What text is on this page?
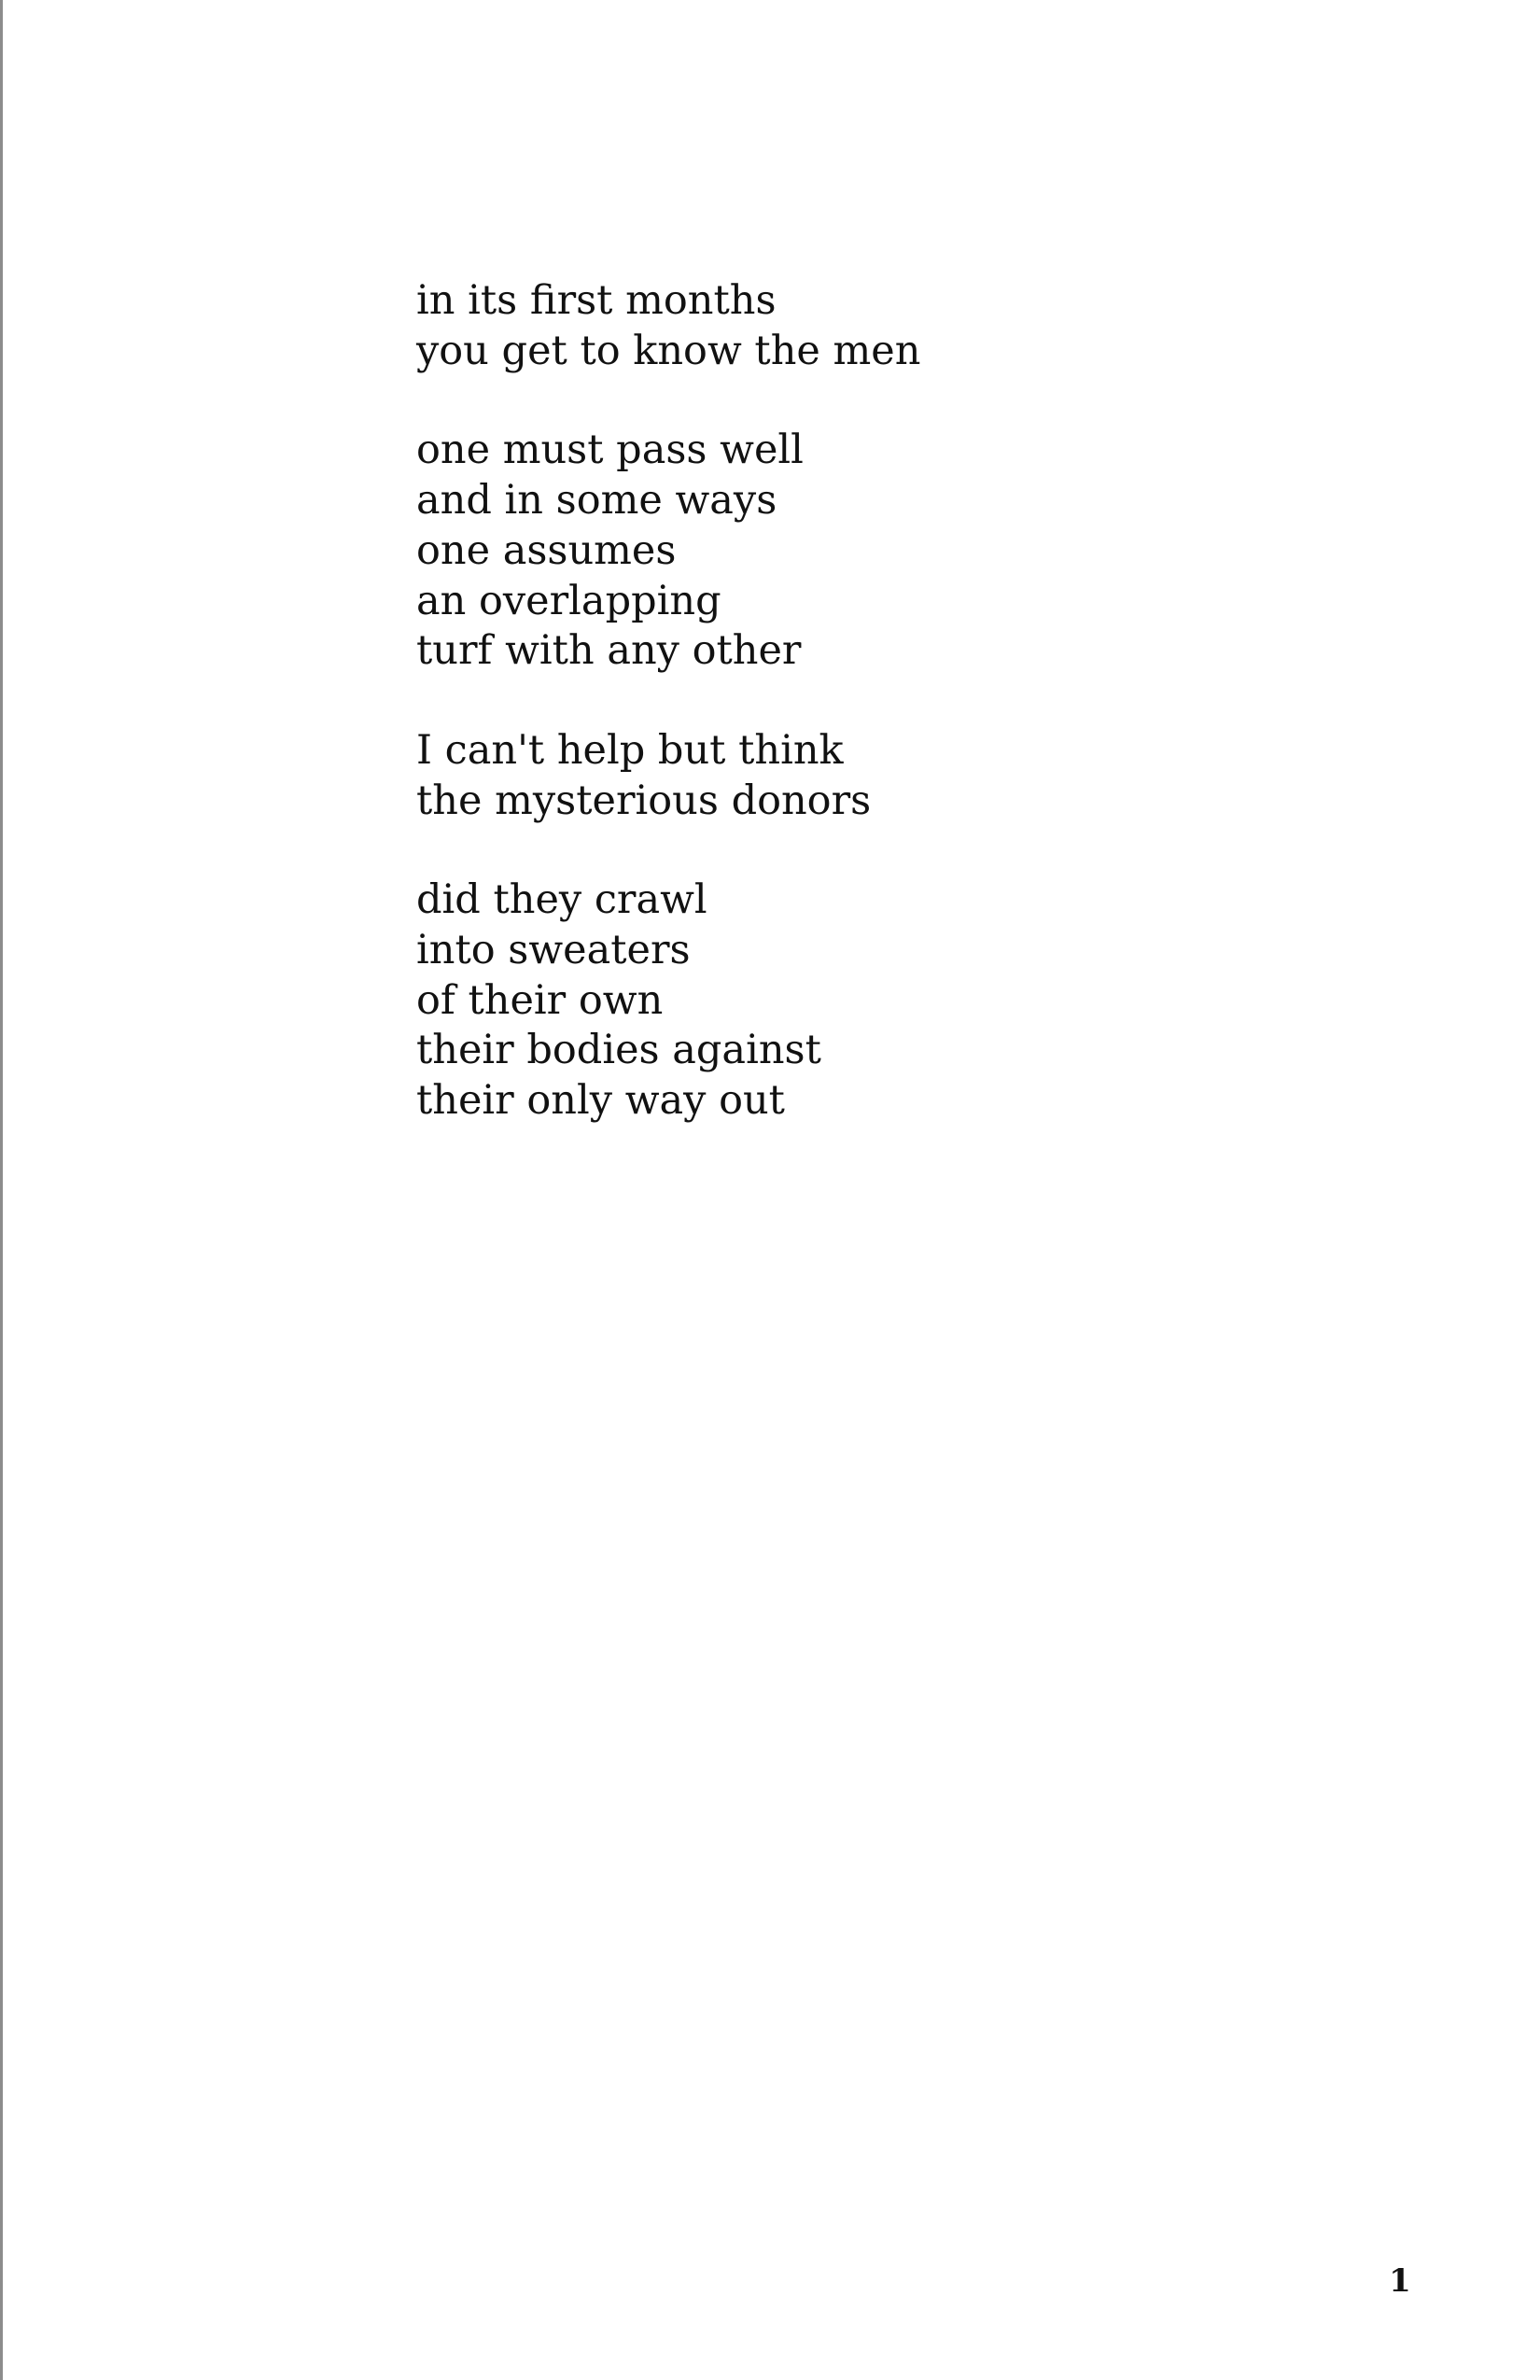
in its first months
you get to know the men
one must pass well
and in some ways
one assumes
an overlapping
turf with any other
I can't help but think
the mysterious donors
did they crawl
into sweaters
of their own
their bodies against
their only way out
1
